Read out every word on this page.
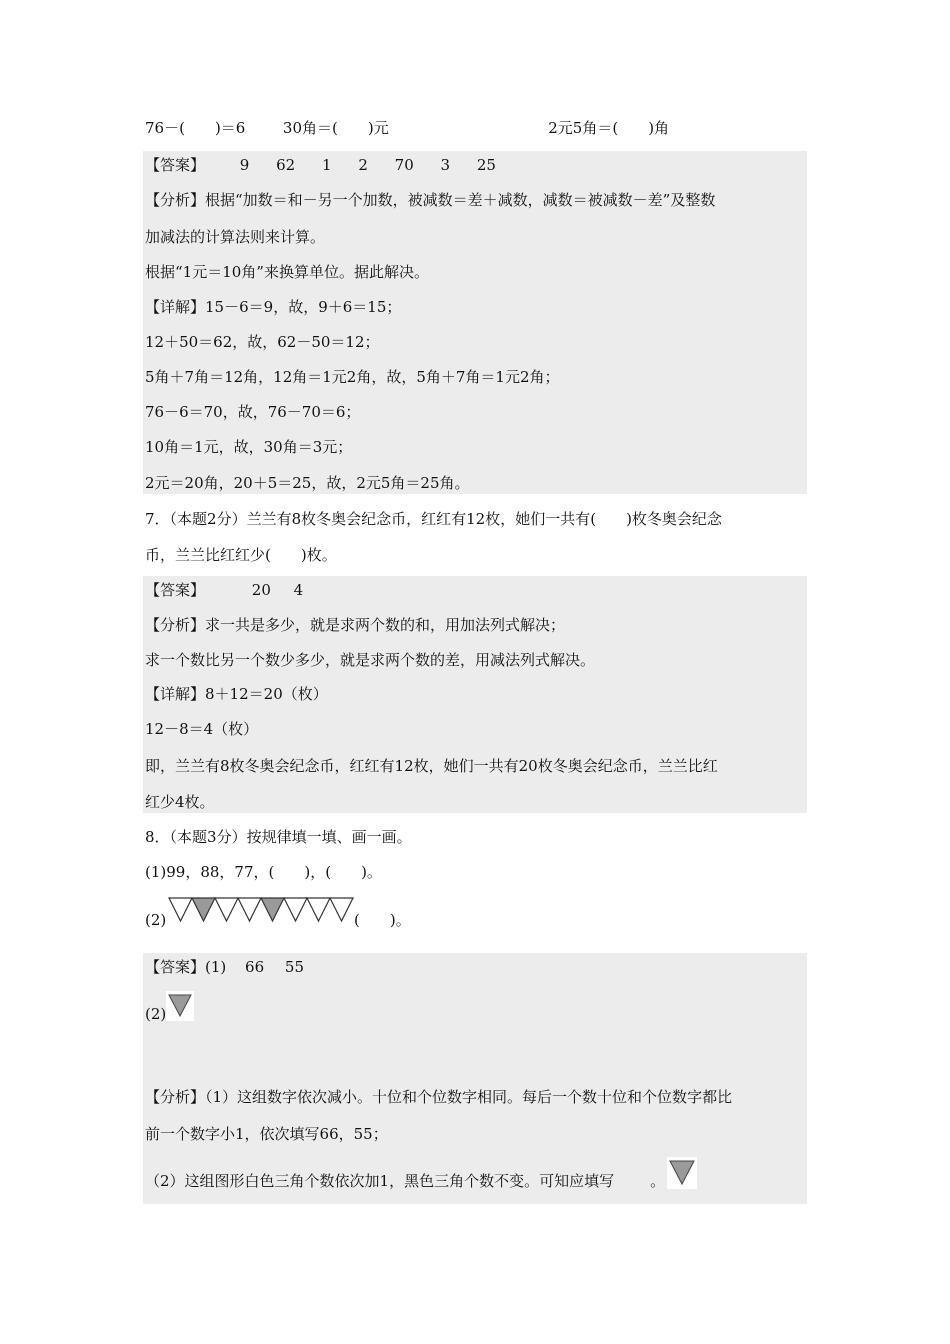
76－(　　)＝6	30角＝(　　)元	2元5角＝(　　)角
【答案】 9 62 1 2 70 3 25
【分析】根据“加数＝和－另一个加数，被减数＝差＋减数，减数＝被减数－差”及整数
加减法的计算法则来计算。
根据“1元＝10角”来换算单位。据此解决。
【详解】15－6＝9，故，9＋6＝15；
12＋50＝62，故，62－50＝12；
5角＋7角＝12角，12角＝1元2角，故，5角＋7角＝1元2角；
76－6＝70，故，76－70＝6；
10角＝1元，故，30角＝3元；
2元＝20角，20＋5＝25，故，2元5角＝25角。
7．（本题2分）兰兰有8枚冬奥会纪念币，红红有12枚，她们一共有(　　)枚冬奥会纪念
币，兰兰比红红少(　　)枚。
【答案】	20 4
【分析】求一共是多少，就是求两个数的和，用加法列式解决；
求一个数比另一个数少多少，就是求两个数的差，用减法列式解决。
【详解】8＋12＝20（枚）
12－8＝4（枚）
即，兰兰有8枚冬奥会纪念币，红红有12枚，她们一共有20枚冬奥会纪念币，兰兰比红
红少4枚。
8．（本题3分）按规律填一填、画一画。
(1)99，88，77，(　　)，(　　)。
(2)	(　　)。
【答案】(1) 66 55
(2)
【分析】（1）这组数字依次减小。十位和个位数字相同。每后一个数十位和个位数字都比
前一个数字小1，依次填写66，55；
（2）这组图形白色三角个数依次加1，黑色三角个数不变。可知应填写 。
